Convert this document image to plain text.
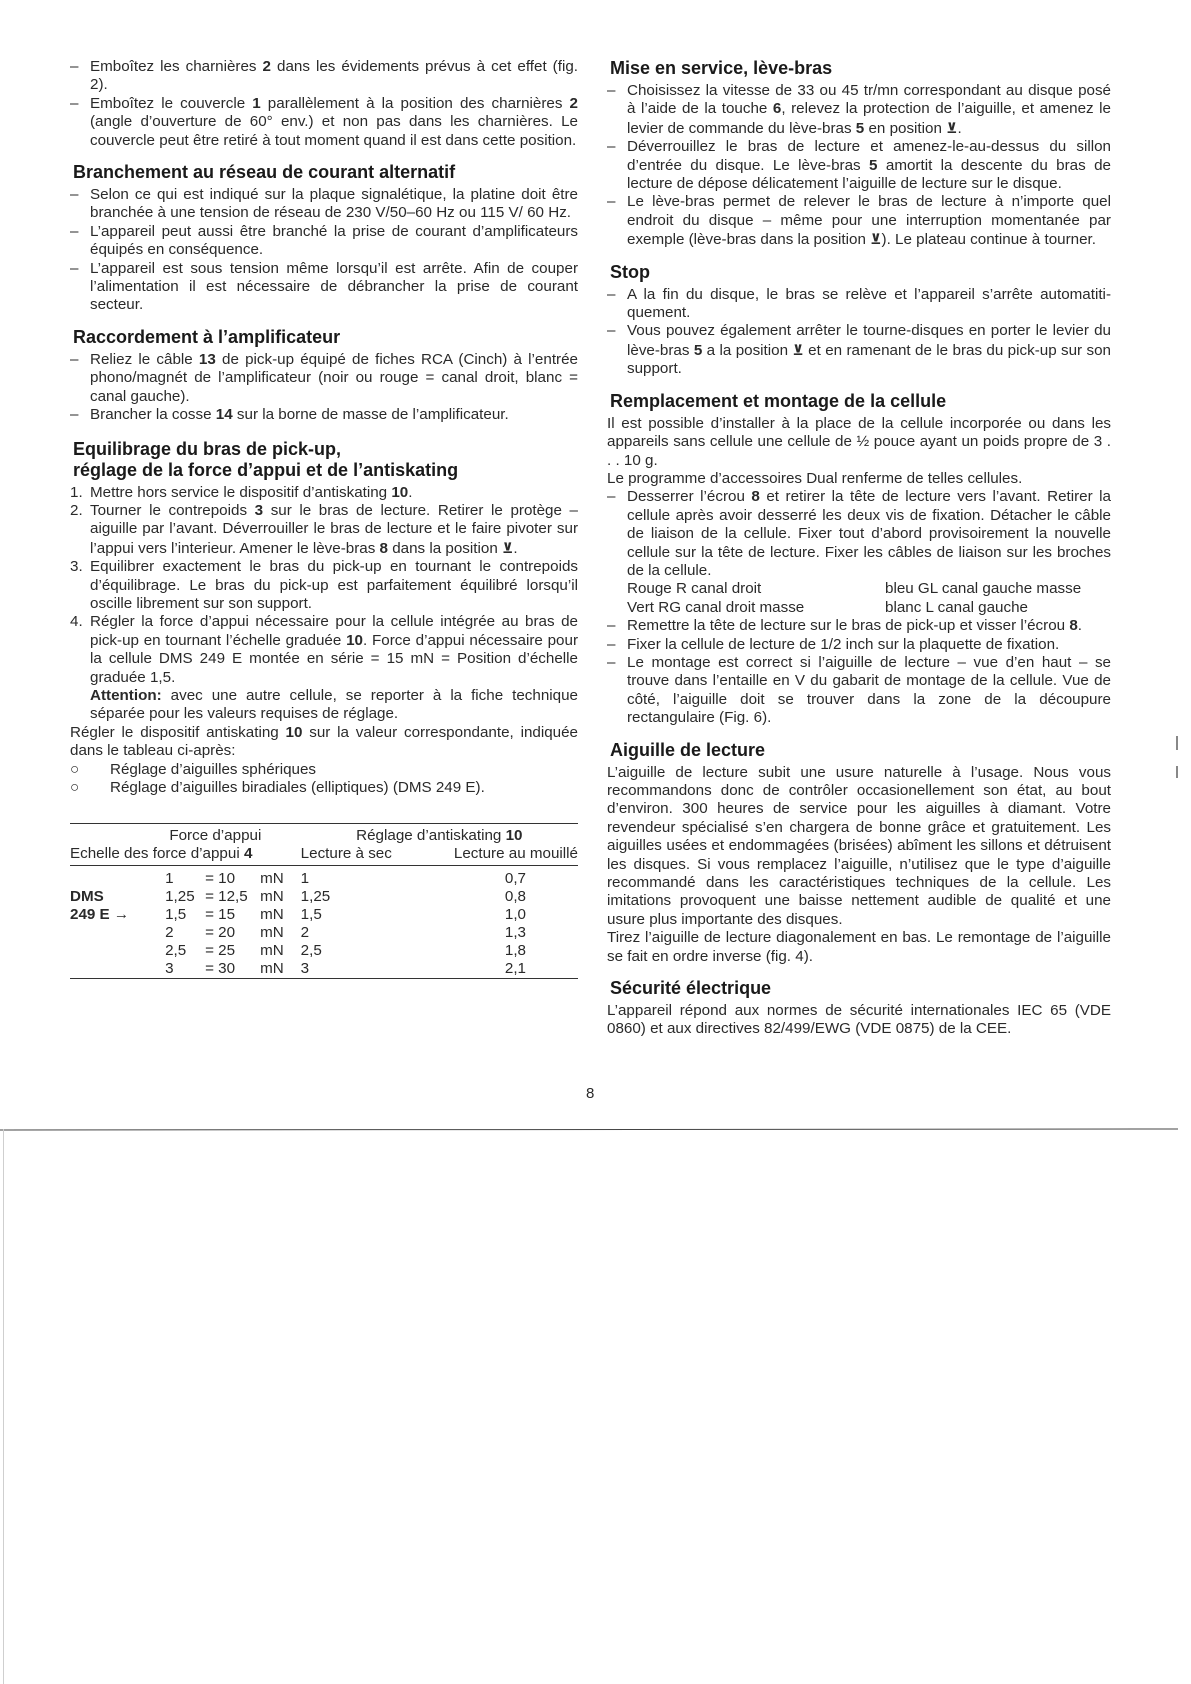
– Emboîtez les charnières 2 dans les évidements prévus à cet effet (fig. 2).
– Emboîtez le couvercle 1 parallèlement à la position des charnières 2 (angle d’ouverture de 60° env.) et non pas dans les charnières. Le couvercle peut être retiré à tout moment quand il est dans cette position.
Branchement au réseau de courant alternatif
– Selon ce qui est indiqué sur la plaque signalétique, la platine doit être branchée à une tension de réseau de 230 V/50–60 Hz ou 115 V/ 60 Hz.
– L’appareil peut aussi être branché la prise de courant d’amplificateurs équipés en conséquence.
– L’appareil est sous tension même lorsqu’il est arrête. Afin de couper l’alimentation il est nécessaire de débrancher la prise de courant secteur.
Raccordement à l’amplificateur
– Reliez le câble 13 de pick-up équipé de fiches RCA (Cinch) à l’entrée phono/magnét de l’amplificateur (noir ou rouge = canal droit, blanc = canal gauche).
– Brancher la cosse 14 sur la borne de masse de l’amplificateur.
Equilibrage du bras de pick-up,
réglage de la force d’appui et de l’antiskating
1. Mettre hors service le dispositif d’antiskating 10.
2. Tourner le contrepoids 3 sur le bras de lecture. Retirer le protège – aiguille par l’avant. Déverrouiller le bras de lecture et le faire pivoter sur l’appui vers l’interieur. Amener le lève-bras 8 dans la position ⊻.
3. Equilibrer exactement le bras du pick-up en tournant le contrepoids d’équilibrage. Le bras du pick-up est parfaitement équilibré lorsqu’il oscille librement sur son support.
4. Régler la force d’appui nécessaire pour la cellule intégrée au bras de pick-up en tournant l’échelle graduée 10. Force d’appui nécessaire pour la cellule DMS 249 E montée en série = 15 mN = Position d’échelle graduée 1,5.
Attention: avec une autre cellule, se reporter à la fiche technique séparée pour les valeurs requises de réglage.

Régler le dispositif antiskating 10 sur la valeur correspondante, indiquée dans le tableau ci-après:

○ Réglage d’aiguilles sphériques
○ Réglage d’aiguilles biradiales (elliptiques) (DMS 249 E).
Force d’appui			Réglage d’antiskating 10	
Echelle des force d’appui 4			Lecture à sec	Lecture au mouillé
	1 = 10	mN	1	0,7
DMS	1,25 = 12,5	mN	1,25	0,8
249 E →	1,5 = 15	mN	1,5	1,0
	2 = 20	mN	2	1,3
	2,5 = 25	mN	2,5	1,8
	3 = 30	mN	3	2,1
Mise en service, lève-bras
– Choisissez la vitesse de 33 ou 45 tr/mn correspondant au disque posé à l’aide de la touche 6, relevez la protection de l’aiguille, et amenez le levier de commande du lève-bras 5 en position ⊻.
– Déverrouillez le bras de lecture et amenez-le-au-dessus du sillon d’entrée du disque. Le lève-bras 5 amortit la descente du bras de lecture de dépose délicatement l’aiguille de lecture sur le disque.
– Le lève-bras permet de relever le bras de lecture à n’importe quel endroit du disque – même pour une interruption momentanée par exemple (lève-bras dans la position ⊻). Le plateau continue à tourner.
Stop
– A la fin du disque, le bras se relève et l’appareil s’arrête automatitiquement.
– Vous pouvez également arrêter le tourne-disques en porter le levier du lève-bras 5 a la position ⊻ et en ramenant de le bras du pick-up sur son support.
Remplacement et montage de la cellule

Il est possible d’installer à la place de la cellule incorporée ou dans les appareils sans cellule une cellule de ½ pouce ayant un poids propre de 3 . . . 10 g.

Le programme d’accessoires Dual renferme de telles cellules.

– Desserrer l’écrou 8 et retirer la tête de lecture vers l’avant. Retirer la cellule après avoir desserré les deux vis de fixation. Détacher le câble de liaison de la cellule. Fixer tout d’abord provisoirement la nouvelle cellule sur la tête de lecture. Fixer les câbles de liaison sur les broches de la cellule.
Rouge R canal droit	bleu GL canal gauche masse
Vert RG canal droit masse	blanc L canal gauche
– Remettre la tête de lecture sur le bras de pick-up et visser l’écrou 8.
– Fixer la cellule de lecture de 1/2 inch sur la plaquette de fixation.
– Le montage est correct si l’aiguille de lecture – vue d’en haut – se trouve dans l’entaille en V du gabarit de montage de la cellule. Vue de côté, l’aiguille doit se trouver dans la zone de la découpure rectangulaire (Fig. 6).
Aiguille de lecture

L’aiguille de lecture subit une usure naturelle à l’usage. Nous vous recommandons donc de contrôler occasionellement son état, au bout d’environ. 300 heures de service pour les aiguilles à diamant. Votre revendeur spécialisé s’en chargera de bonne grâce et gratuitement. Les aiguilles usées et endommagées (brisées) abîment les sillons et détruisent les disques. Si vous remplacez l’aiguille, n’utilisez que le type d’aiguille recommandé dans les caractéristiques techniques de la cellule. Les imitations provoquent une baisse nettement audible de qualité et une usure plus importante des disques.

Tirez l’aiguille de lecture diagonalement en bas. Le remontage de l’aiguille se fait en ordre inverse (fig. 4).

Sécurité électrique

L’appareil répond aux normes de sécurité internationales IEC 65 (VDE 0860) et aux directives 82/499/EWG (VDE 0875) de la CEE.

8
